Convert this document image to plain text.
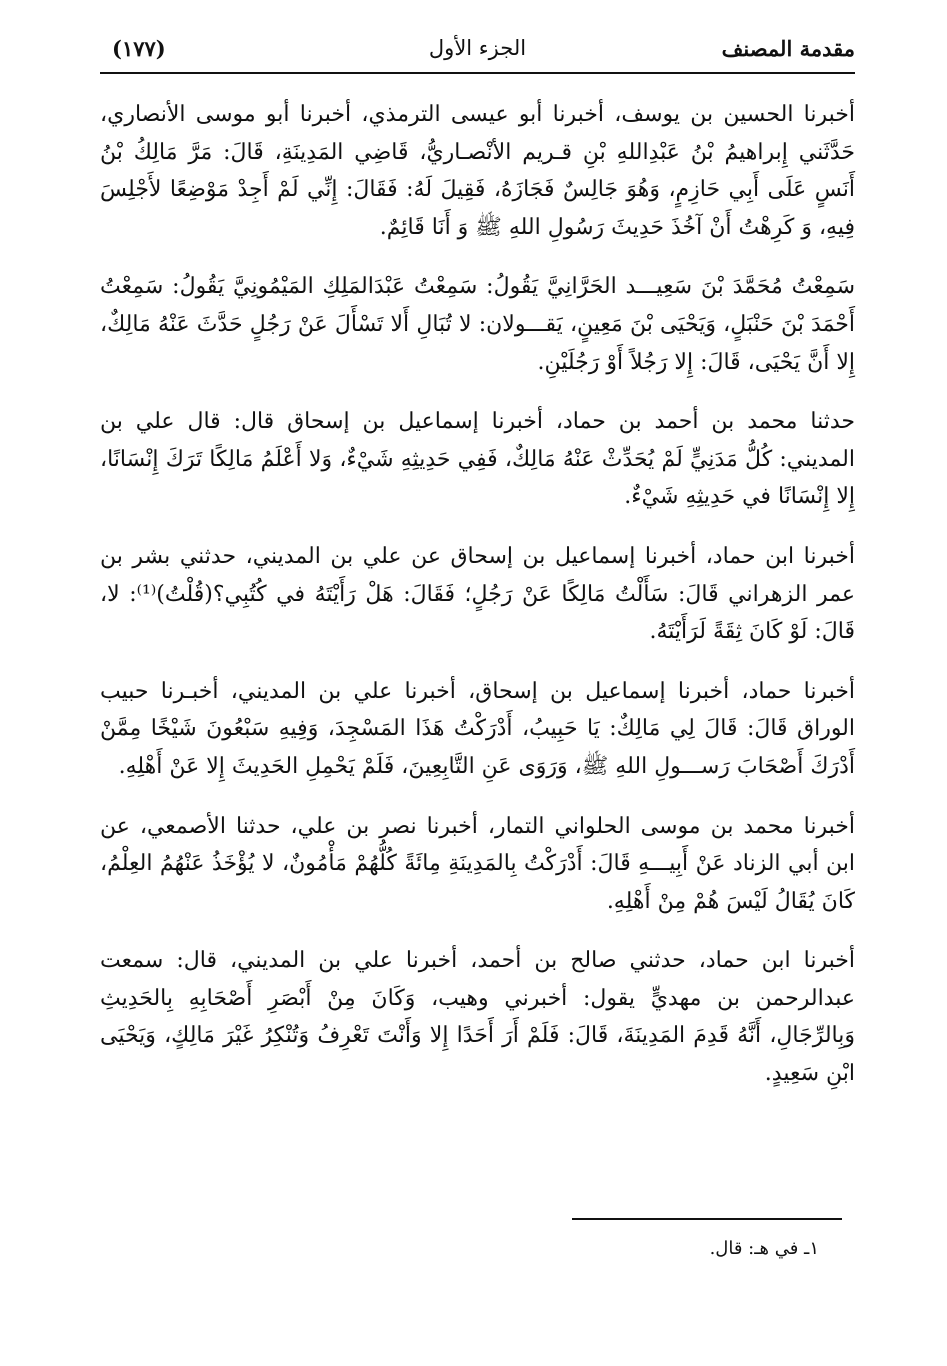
مقدمة المصنف
الجزء الأول
(١٧٧)

أخبرنا الحسين بن يوسف، أخبرنا أبو عيسى الترمذي، أخبرنا أبو موسى الأنصاري، حَدَّثَني إِبراهيمُ بْنُ عَبْدِاللهِ بْنِ قـريم الأنْصـاريُّ، قَاضِي المَدِينَةِ، قَالَ: مَرَّ مَالِكُ بْنُ أَنَسٍ عَلَى أَبِي حَازِمٍ، وَهُوَ جَالِسٌ فَجَازَهُ، فَقِيلَ لَهُ: فَقَالَ: إِنِّي لَمْ أَجِدْ مَوْضِعًا لأَجْلِسَ فِيهِ، وَ كَرِهْتُ أَنْ آخُذَ حَدِيثَ رَسُولِ اللهِ ﷺ وَ أَنَا قَائِمٌ.

سَمِعْتُ مُحَمَّدَ بْنَ سَعِيـــد الحَرَّانِيَّ يَقُولُ: سَمِعْتُ عَبْدَالمَلِكِ المَيْمُونِيَّ يَقُولُ: سَمِعْتُ أَحْمَدَ بْنَ حَنْبَلٍ، وَيَحْيَى بْنَ مَعِينٍ، يَقـــولان: لا تُبَالِ أَلا تَسْأَلَ عَنْ رَجُلٍ حَدَّثَ عَنْهُ مَالِكٌ، إِلا أَنَّ يَحْيَى، قَالَ: إِلا رَجُلاً أَوْ رَجُلَيْنِ.

حدثنا محمد بن أحمد بن حماد، أخبرنا إسماعيل بن إسحاق قال: قال علي بن المديني: كُلُّ مَدَنِيٍّ لَمْ يُحَدِّثْ عَنْهُ مَالِكٌ، فَفِي حَدِيثِهِ شَيْءٌ، وَلا أَعْلَمُ مَالِكًا تَرَكَ إِنْسَانًا، إِلا إِنْسَانًا في حَدِيثِهِ شَيْءٌ.

أخبرنا ابن حماد، أخبرنا إسماعيل بن إسحاق عن علي بن المديني، حدثني بشر بن عمر الزهراني قَالَ: سَأَلْتُ مَالِكًا عَنْ رَجُلٍ؛ فَقَالَ: هَلْ رَأَيْتَهُ في كُتُبِي؟(قُلْتُ)⁽¹⁾: لا، قَالَ: لَوْ كَانَ ثِقَةً لَرَأَيْتَهُ.

أخبرنا حماد، أخبرنا إسماعيل بن إسحاق، أخبرنا علي بن المديني، أخبـرنا حبيب الوراق قَالَ: قَالَ لِي مَالِكٌ: يَا حَبِيبُ، أَدْرَكْتُ هَذَا المَسْجِدَ، وَفِيهِ سَبْعُونَ شَيْخًا مِمَّنْ أَدْرَكَ أَصْحَابَ رَســـولِ اللهِ ﷺ، وَرَوَى عَنِ التَّابِعِينَ، فَلَمْ يَحْمِلِ الحَدِيثَ إِلا عَنْ أَهْلِهِ.

أخبرنا محمد بن موسى الحلواني التمار، أخبرنا نصر بن علي، حدثنا الأصمعي، عن ابن أبي الزناد عَنْ أَبِيـــهِ قَالَ: أَدْرَكْتُ بِالمَدِينَةِ مِائَةً كُلُّهُمْ مَأْمُونٌ، لا يُؤْخَذُ عَنْهُمُ العِلْمُ، كَانَ يُقَالُ لَيْسَ هُمْ مِنْ أَهْلِهِ.

أخبرنا ابن حماد، حدثني صالح بن أحمد، أخبرنا علي بن المديني، قال: سمعت عبدالرحمن بن مهديٍّ يقول: أخبرني وهيب، وَكَانَ مِنْ أَبْصَرِ أَصْحَابِهِ بِالحَدِيثِ وَبِالرِّجَالِ، أَنَّهُ قَدِمَ المَدِينَةَ، قَالَ: فَلَمْ أَرَ أَحَدًا إِلا وَأَنْتَ تَعْرِفُ وَتُنْكِرُ غَيْرَ مَالِكٍ، وَيَحْيَى ابْنِ سَعِيدٍ.

١ـ في هـ: قال.
